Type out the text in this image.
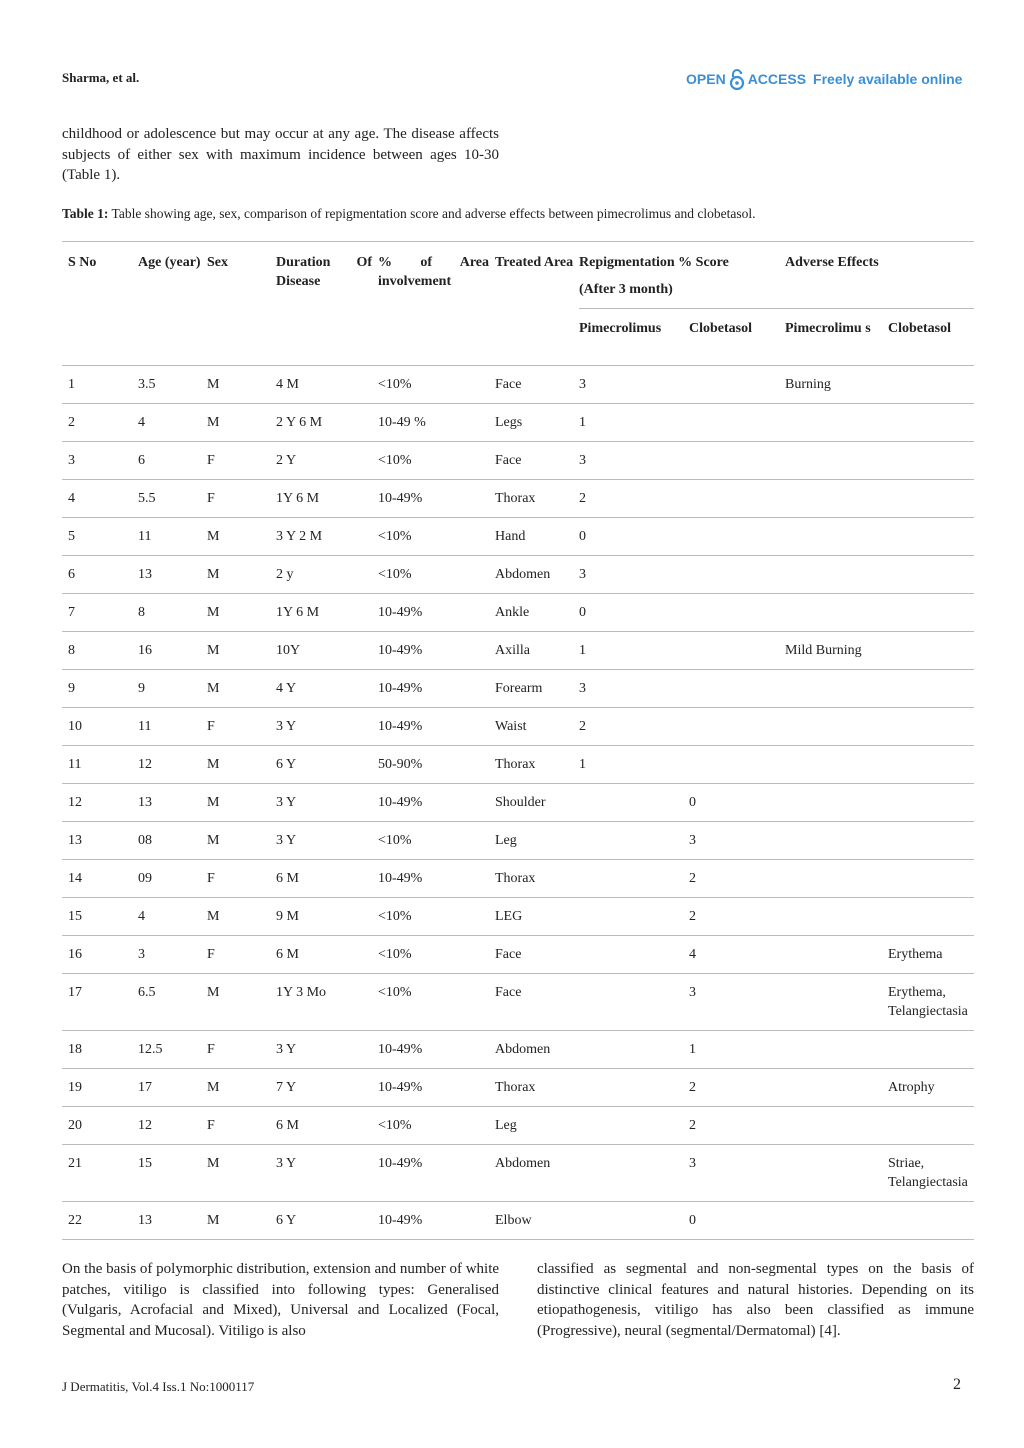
Sharma, et al.	OPEN ACCESS Freely available online
childhood or adolescence but may occur at any age. The disease affects subjects of either sex with maximum incidence between ages 10-30 (Table 1).
Table 1: Table showing age, sex, comparison of repigmentation score and adverse effects between pimecrolimus and clobetasol.
S No	Age (year)	Sex	Duration Of Disease	% of Area involvement	Treated Area	Repigmentation % Score
(After 3 month)		Adverse Effects	
						Pimecrolimus	Clobetasol	Pimecrolimu s	Clobetasol
1	3.5	M	4 M	<10%	Face	3		Burning	
2	4	M	2 Y 6 M	10-49 %	Legs	1			
3	6	F	2 Y	<10%	Face	3			
4	5.5	F	1Y 6 M	10-49%	Thorax	2			
5	11	M	3 Y 2 M	<10%	Hand	0			
6	13	M	2 y	<10%	Abdomen	3			
7	8	M	1Y 6 M	10-49%	Ankle	0			
8	16	M	10Y	10-49%	Axilla	1		Mild Burning	
9	9	M	4 Y	10-49%	Forearm	3			
10	11	F	3 Y	10-49%	Waist	2			
11	12	M	6 Y	50-90%	Thorax	1			
12	13	M	3 Y	10-49%	Shoulder		0		
13	08	M	3 Y	<10%	Leg		3		
14	09	F	6 M	10-49%	Thorax		2		
15	4	M	9 M	<10%	LEG		2		
16	3	F	6 M	<10%	Face		4		Erythema
17	6.5	M	1Y 3 Mo	<10%	Face		3		Erythema, Telangiectasia
18	12.5	F	3 Y	10-49%	Abdomen		1		
19	17	M	7 Y	10-49%	Thorax		2		Atrophy
20	12	F	6 M	<10%	Leg		2		
21	15	M	3 Y	10-49%	Abdomen		3		Striae, Telangiectasia
22	13	M	6 Y	10-49%	Elbow		0		
On the basis of polymorphic distribution, extension and number of white patches, vitiligo is classified into following types: Generalised (Vulgaris, Acrofacial and Mixed), Universal and Localized (Focal, Segmental and Mucosal). Vitiligo is also
classified as segmental and non-segmental types on the basis of distinctive clinical features and natural histories. Depending on its etiopathogenesis, vitiligo has also been classified as immune (Progressive), neural (segmental/Dermatomal) [4].
J Dermatitis, Vol.4 Iss.1 No:1000117	2
